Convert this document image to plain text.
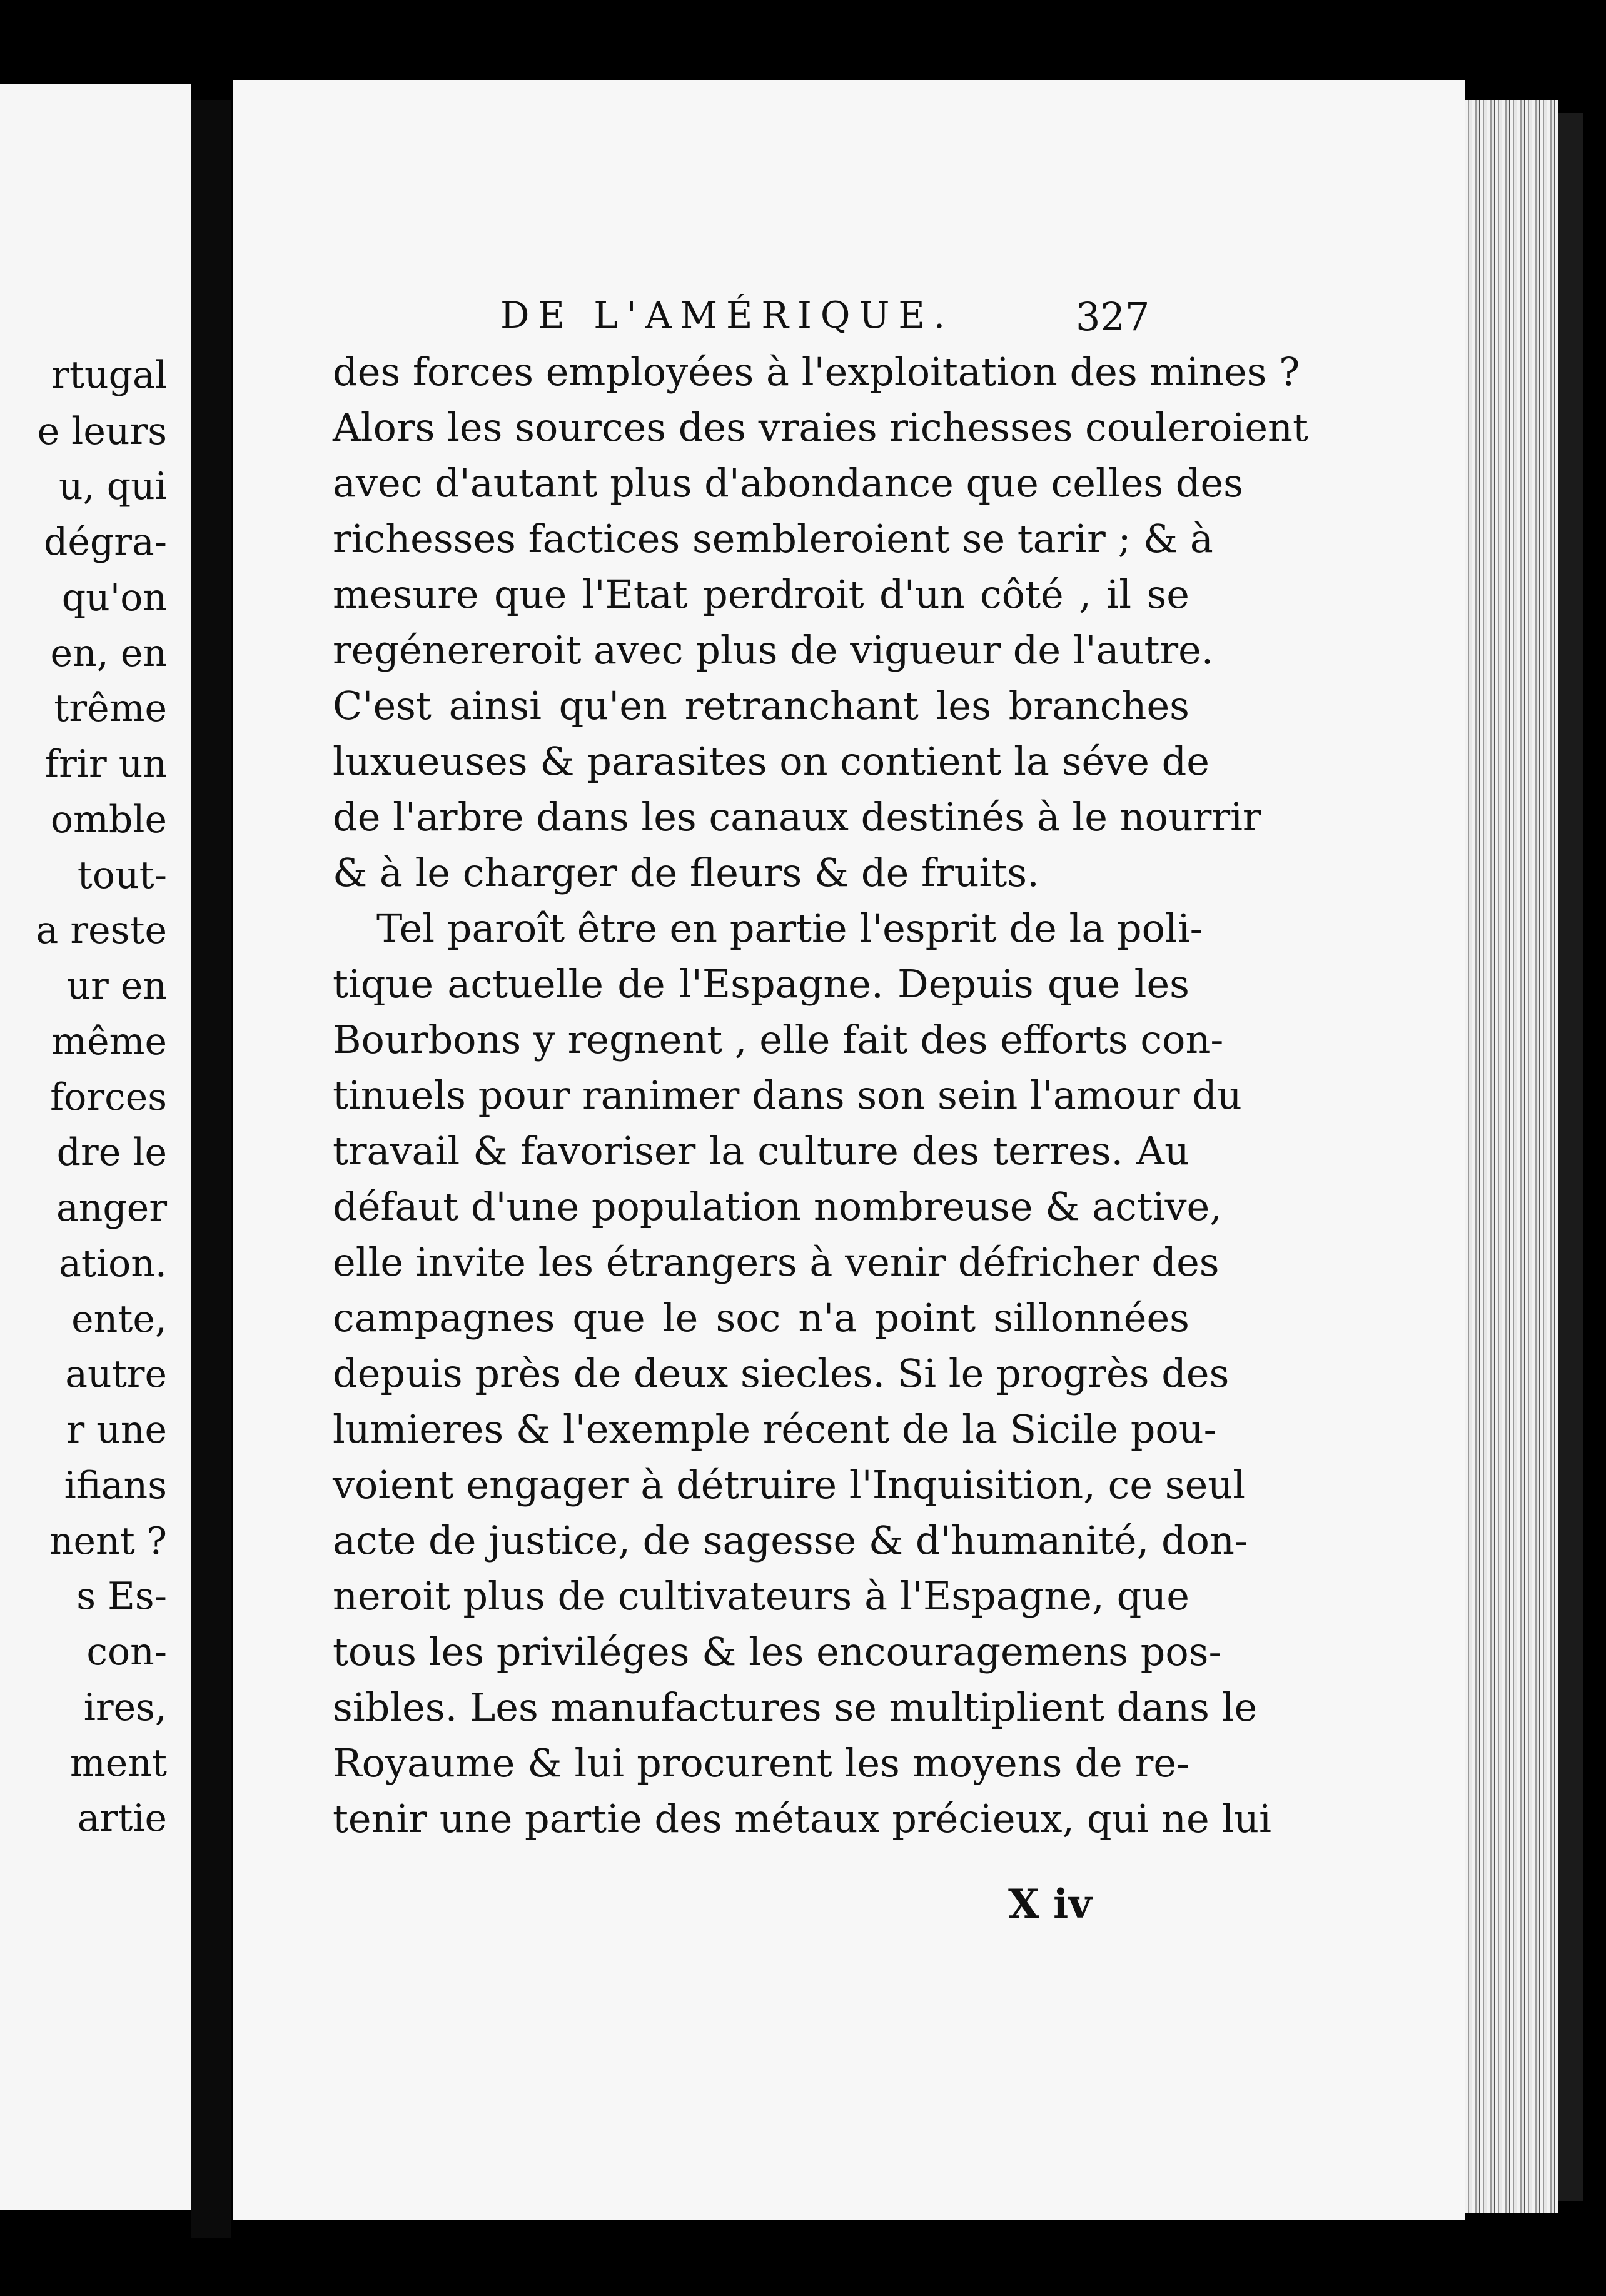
rtugal
e leurs
u, qui
dégra-
qu'on
en, en
trême
frir un
omble
tout-
a reste
ur en
même
forces
dre le
anger
ation.
ente,
autre
r une
ifians
nent ?
s Es-
con-
ires,
ment
artie
DE L'AMÉRIQUE.	327
des forces employées à l'exploitation des mines ?
Alors les sources des vraies richesses couleroient
avec d'autant plus d'abondance que celles des
richesses factices sembleroient se tarir ; & à
mesure que l'Etat perdroit d'un côté , il se
regénereroit avec plus de vigueur de l'autre.
C'est ainsi qu'en retranchant les branches
luxueuses & parasites on contient la séve de
de l'arbre dans les canaux destinés à le nourrir
& à le charger de fleurs & de fruits.
Tel paroît être en partie l'esprit de la poli-
tique actuelle de l'Espagne. Depuis que les
Bourbons y regnent , elle fait des efforts con-
tinuels pour ranimer dans son sein l'amour du
travail & favoriser la culture des terres. Au
défaut d'une population nombreuse & active,
elle invite les étrangers à venir défricher des
campagnes que le soc n'a point sillonnées
depuis près de deux siecles. Si le progrès des
lumieres & l'exemple récent de la Sicile pou-
voient engager à détruire l'Inquisition, ce seul
acte de justice, de sagesse & d'humanité, don-
neroit plus de cultivateurs à l'Espagne, que
tous les priviléges & les encouragemens pos-
sibles. Les manufactures se multiplient dans le
Royaume & lui procurent les moyens de re-
tenir une partie des métaux précieux, qui ne lui
X iv
